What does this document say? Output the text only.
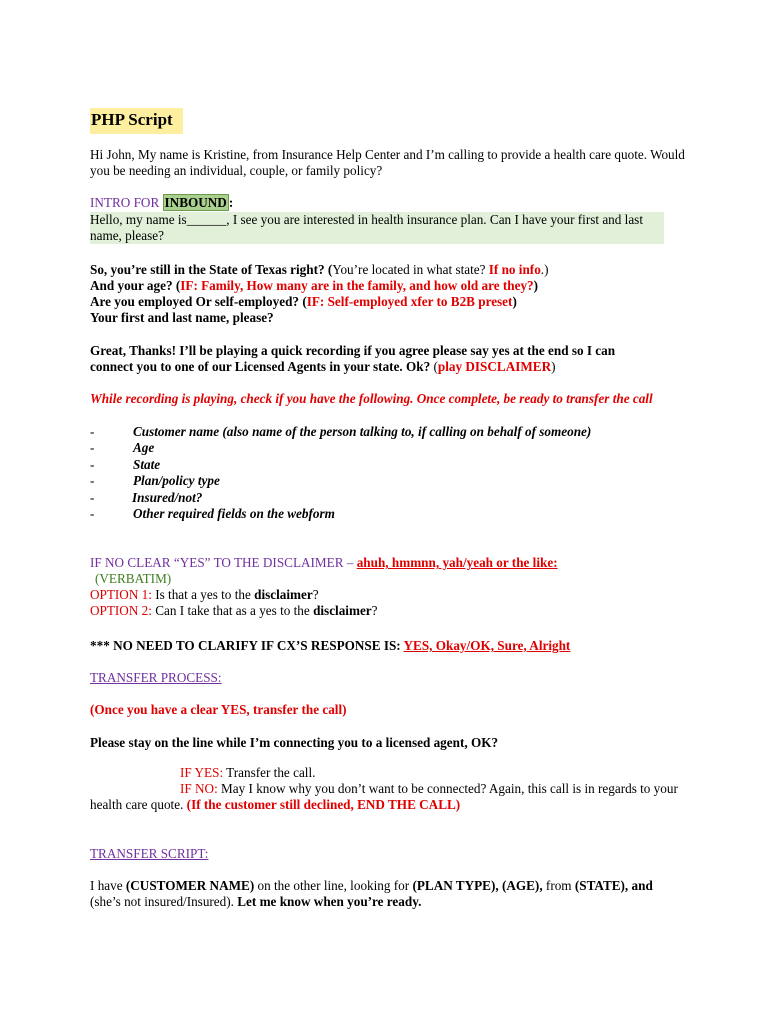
PHP Script
Hi John, My name is Kristine, from Insurance Help Center and I’m calling to provide a health care quote. Would you be needing an individual, couple, or family policy?
INTRO FOR INBOUND :
Hello, my name is______, I see you are interested in health insurance plan. Can I have your first and last name, please?
So, you’re still in the State of Texas right? (You’re located in what state? If no info.)
And your age? (IF: Family, How many are in the family, and how old are they?)
Are you employed Or self-employed? (IF: Self-employed xfer to B2B preset)
Your first and last name, please?
Great, Thanks! I’ll be playing a quick recording if you agree please say yes at the end so I can connect you to one of our Licensed Agents in your state. Ok? (play DISCLAIMER)
While recording is playing, check if you have the following. Once complete, be ready to transfer the call
-	Customer name (also name of the person talking to, if calling on behalf of someone)
-	Age
-	State
-	Plan/policy type
-	Insured/not?
-	Other required fields on the webform
IF NO CLEAR “YES” TO THE DISCLAIMER – ahuh, hmmnn, yah/yeah or the like:
(VERBATIM)
OPTION 1: Is that a yes to the disclaimer?
OPTION 2: Can I take that as a yes to the disclaimer?
*** NO NEED TO CLARIFY IF CX’S RESPONSE IS: YES, Okay/OK, Sure, Alright
TRANSFER PROCESS:
(Once you have a clear YES, transfer the call)
Please stay on the line while I’m connecting you to a licensed agent, OK?
IF YES: Transfer the call.
IF NO: May I know why you don’t want to be connected? Again, this call is in regards to your health care quote. (If the customer still declined, END THE CALL)
TRANSFER SCRIPT:
I have (CUSTOMER NAME) on the other line, looking for (PLAN TYPE), (AGE), from (STATE), and (she’s not insured/Insured). Let me know when you’re ready.
